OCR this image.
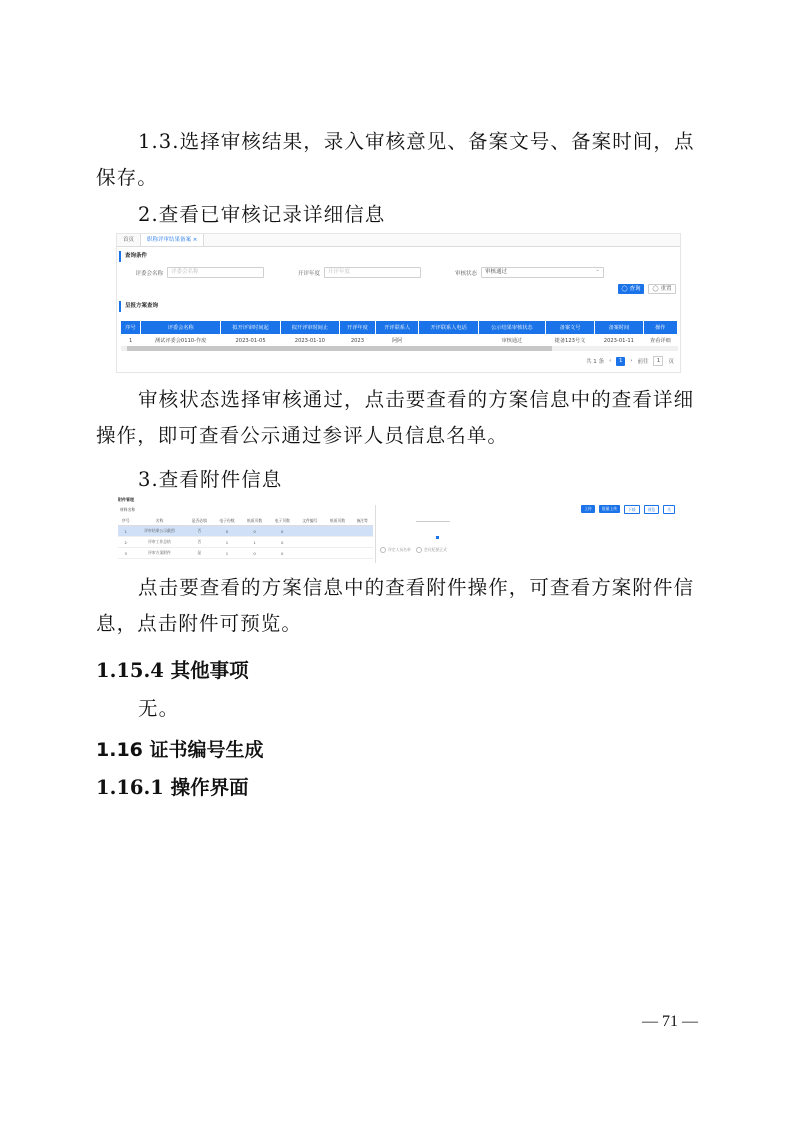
1.3.选择审核结果，录入审核意见、备案文号、备案时间，点
保存。
2.查看已审核记录详细信息
首页	职称评审结果备案 ×
查询条件
评委会名称	评委会名称	开评年度	开评年度	审核状态	审核通过 ⌄
◯ 查询	◯ 重置
呈报方案查询
序号	评委会名称	拟开评审时间起	拟开评审时间止	开评年度	开评联系人	开评联系人电话	公示结果审核状态	备案文号	备案时间	操作
1	测试评委会0110-作废	2023-01-05	2023-01-10	2023	阿阿		审核通过	捷备123号文	2023-01-11	查看详细
共 1 条 ‹	1	› 前往	1	页
审核状态选择审核通过，点击要查看的方案信息中的查看详细操作，即可查看公示通过参评人员信息名单。
3.查看附件信息
附件管理
材料名称
序号	名称	是否必填	电子份数	纸质页数	电子页数	文件编号	纸质页数	备注等
1	评审结果公示截图	否	0	0	0			
2	评审工作总结	否	1	1	0			
3	评审方案附件	是	1	0	0			
上传	批量上传	下载	预览	关
评定人员名单	会议纪要正式
点击要查看的方案信息中的查看附件操作，可查看方案附件信息，点击附件可预览。
1.15.4 其他事项
无。
1.16 证书编号生成
1.16.1 操作界面
— 71 —
